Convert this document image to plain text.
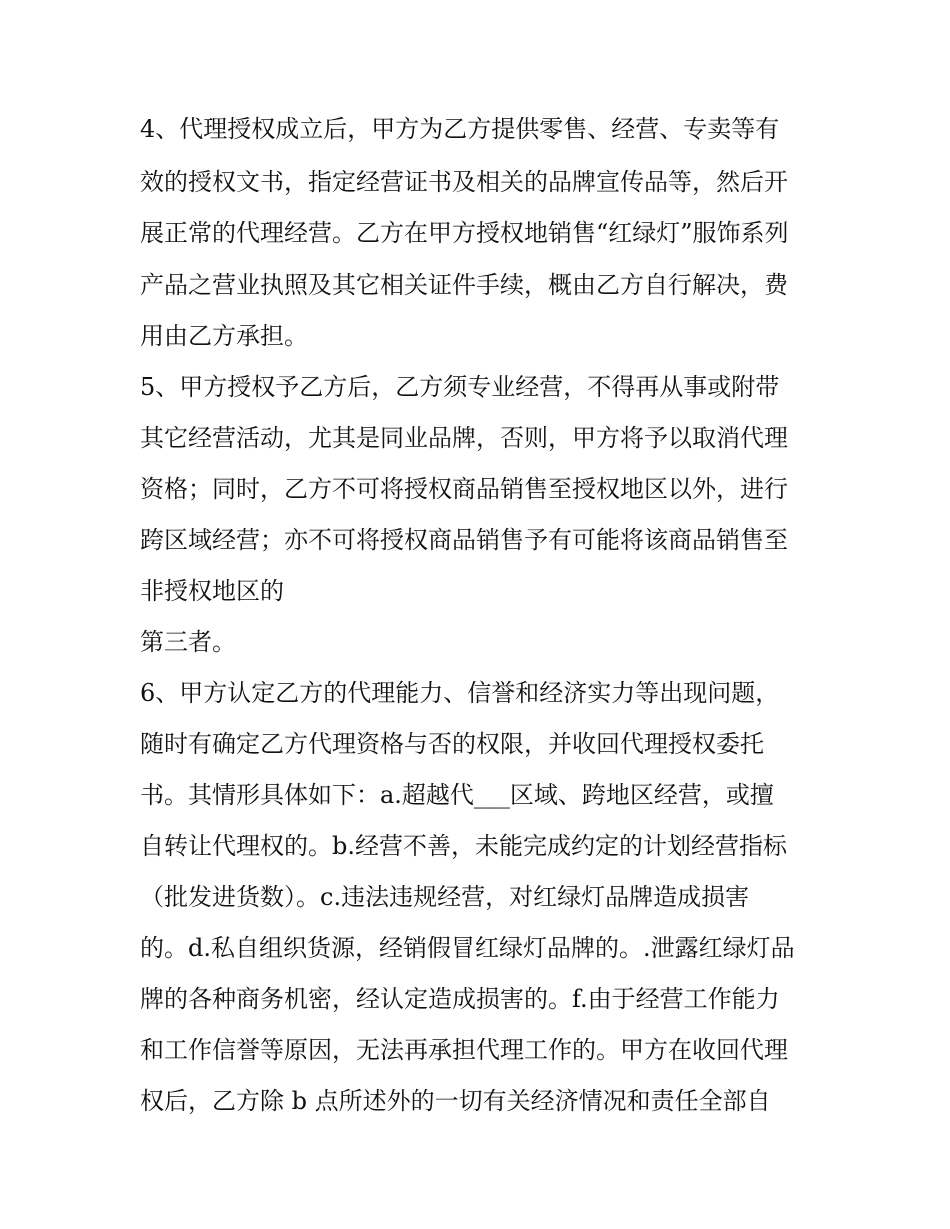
4、代理授权成立后，甲方为乙方提供零售、经营、专卖等有

效的授权文书，指定经营证书及相关的品牌宣传品等，然后开

展正常的代理经营。乙方在甲方授权地销售“红绿灯”服饰系列

产品之营业执照及其它相关证件手续，概由乙方自行解决，费

用由乙方承担。

5、甲方授权予乙方后，乙方须专业经营，不得再从事或附带

其它经营活动，尤其是同业品牌，否则，甲方将予以取消代理

资格；同时，乙方不可将授权商品销售至授权地区以外，进行

跨区域经营；亦不可将授权商品销售予有可能将该商品销售至

非授权地区的

第三者。

6、甲方认定乙方的代理能力、信誉和经济实力等出现问题，

随时有确定乙方代理资格与否的权限，并收回代理授权委托

书。其情形具体如下：a.超越代___区域、跨地区经营，或擅

自转让代理权的。b.经营不善，未能完成约定的计划经营指标

（批发进货数）。c.违法违规经营，对红绿灯品牌造成损害

的。d.私自组织货源，经销假冒红绿灯品牌的。.泄露红绿灯品

牌的各种商务机密，经认定造成损害的。f.由于经营工作能力

和工作信誉等原因，无法再承担代理工作的。甲方在收回代理

权后，乙方除 b 点所述外的一切有关经济情况和责任全部自
